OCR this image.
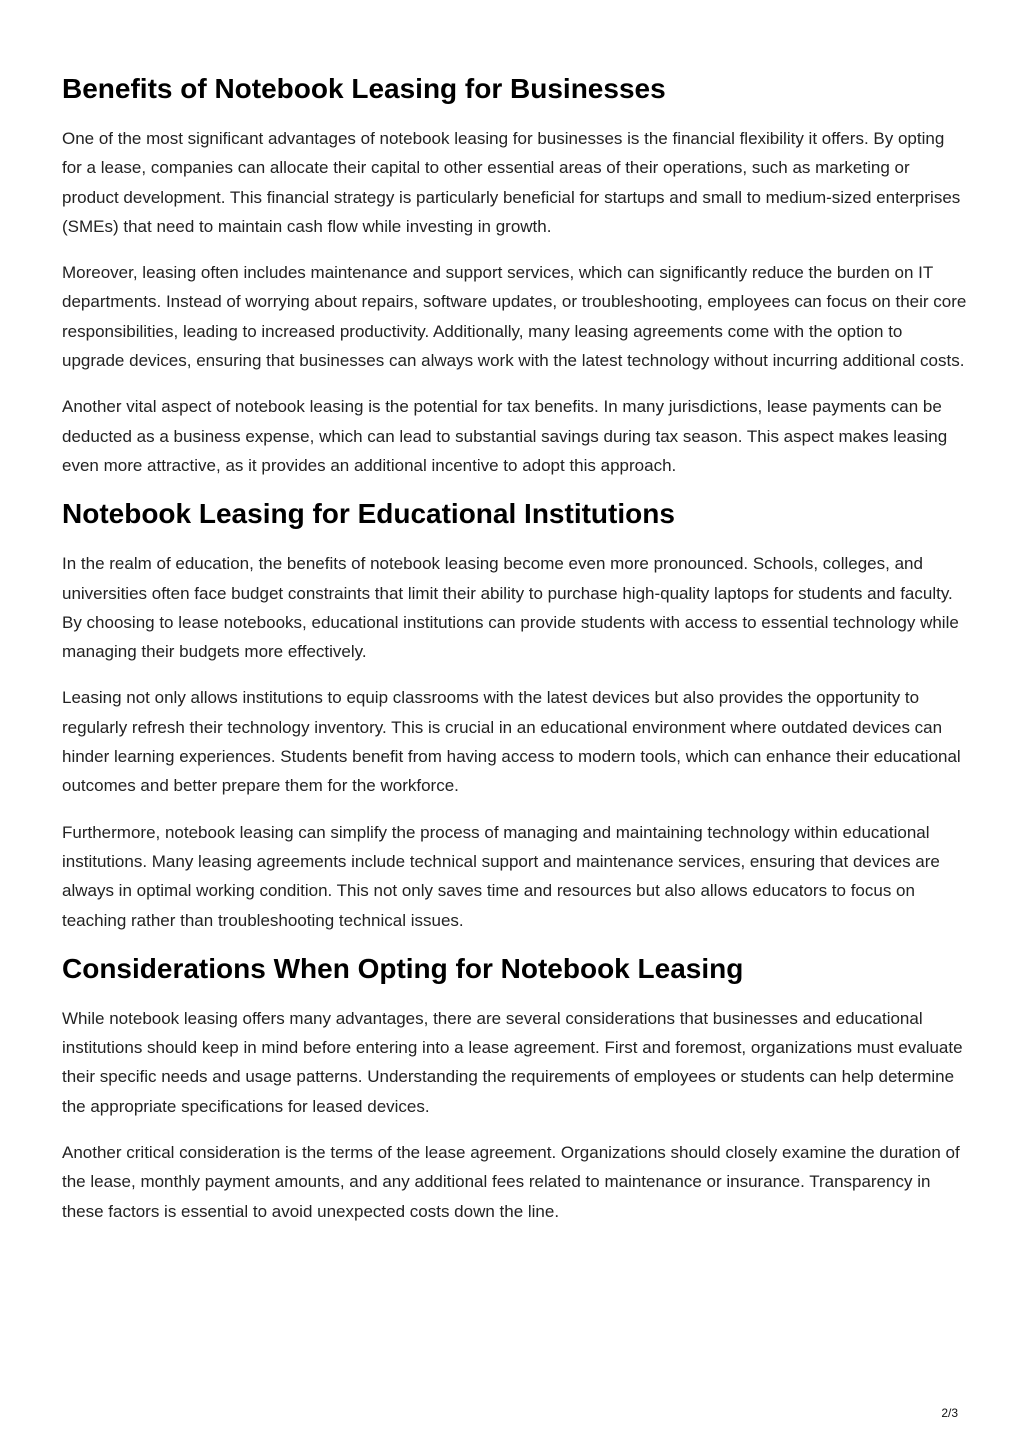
Benefits of Notebook Leasing for Businesses

One of the most significant advantages of notebook leasing for businesses is the financial flexibility it offers. By opting for a lease, companies can allocate their capital to other essential areas of their operations, such as marketing or product development. This financial strategy is particularly beneficial for startups and small to medium-sized enterprises (SMEs) that need to maintain cash flow while investing in growth.

Moreover, leasing often includes maintenance and support services, which can significantly reduce the burden on IT departments. Instead of worrying about repairs, software updates, or troubleshooting, employees can focus on their core responsibilities, leading to increased productivity. Additionally, many leasing agreements come with the option to upgrade devices, ensuring that businesses can always work with the latest technology without incurring additional costs.

Another vital aspect of notebook leasing is the potential for tax benefits. In many jurisdictions, lease payments can be deducted as a business expense, which can lead to substantial savings during tax season. This aspect makes leasing even more attractive, as it provides an additional incentive to adopt this approach.

Notebook Leasing for Educational Institutions

In the realm of education, the benefits of notebook leasing become even more pronounced. Schools, colleges, and universities often face budget constraints that limit their ability to purchase high-quality laptops for students and faculty. By choosing to lease notebooks, educational institutions can provide students with access to essential technology while managing their budgets more effectively.

Leasing not only allows institutions to equip classrooms with the latest devices but also provides the opportunity to regularly refresh their technology inventory. This is crucial in an educational environment where outdated devices can hinder learning experiences. Students benefit from having access to modern tools, which can enhance their educational outcomes and better prepare them for the workforce.

Furthermore, notebook leasing can simplify the process of managing and maintaining technology within educational institutions. Many leasing agreements include technical support and maintenance services, ensuring that devices are always in optimal working condition. This not only saves time and resources but also allows educators to focus on teaching rather than troubleshooting technical issues.

Considerations When Opting for Notebook Leasing

While notebook leasing offers many advantages, there are several considerations that businesses and educational institutions should keep in mind before entering into a lease agreement. First and foremost, organizations must evaluate their specific needs and usage patterns. Understanding the requirements of employees or students can help determine the appropriate specifications for leased devices.

Another critical consideration is the terms of the lease agreement. Organizations should closely examine the duration of the lease, monthly payment amounts, and any additional fees related to maintenance or insurance. Transparency in these factors is essential to avoid unexpected costs down the line.

2/3
